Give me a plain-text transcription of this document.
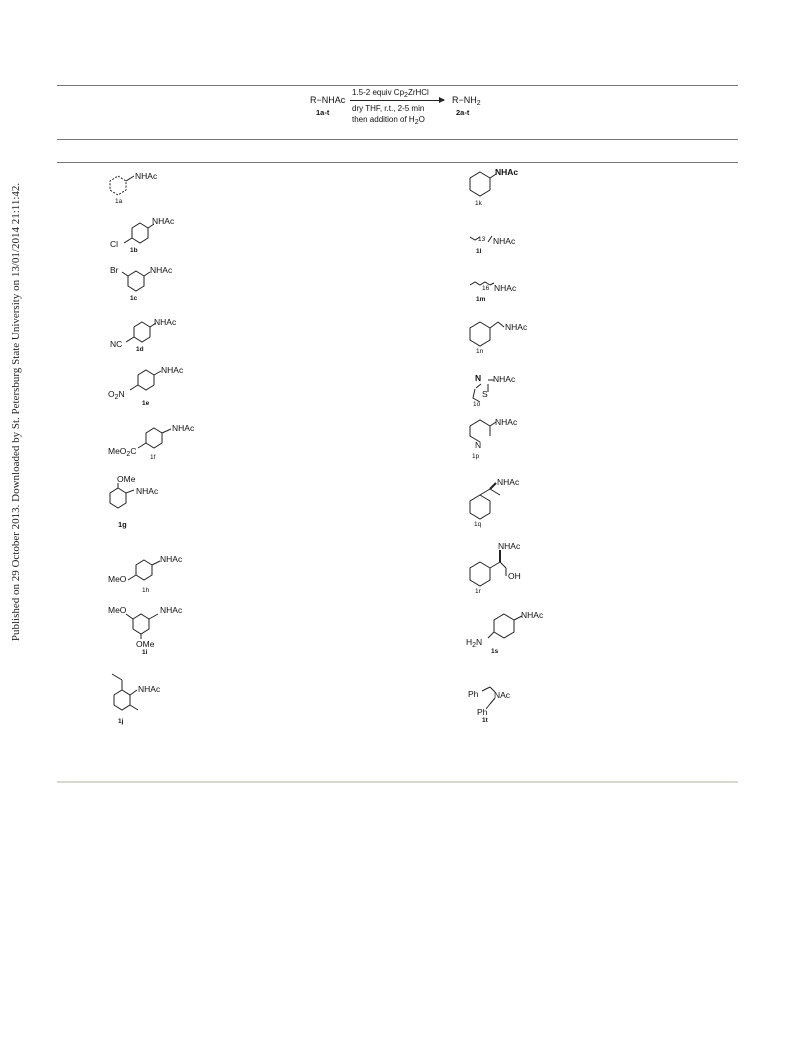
Published on 29 October 2013. Downloaded by St. Petersburg State University on 13/01/2014 21:11:42.
R−NHAc
1a-t
1.5-2 equiv Cp2ZrHCl
dry THF, r.t., 2-5 min
then addition of H2O
$R-NH_2$
2a-t
NHAc
1a
NHAc
Cl
1b
NHAc
Br
1c
NHAc
NC
1d
NHAc
$O_2N$
1e
NHAc
MeO$_2$C
1f
OMe
NHAc
1g
NHAc
MeO
1h
MeO	NHAc
OMe
1i
NHAc
1j
NHAc
1k
13 NHAc
1l
16 NHAc
1m
NHAc
1n
N NHAc
S
1o
NHAc
N
1p
NHAc
1q
NHAc
OH
1r
NHAc
$H_2N$
1s
Ph NAc
Ph
1t
